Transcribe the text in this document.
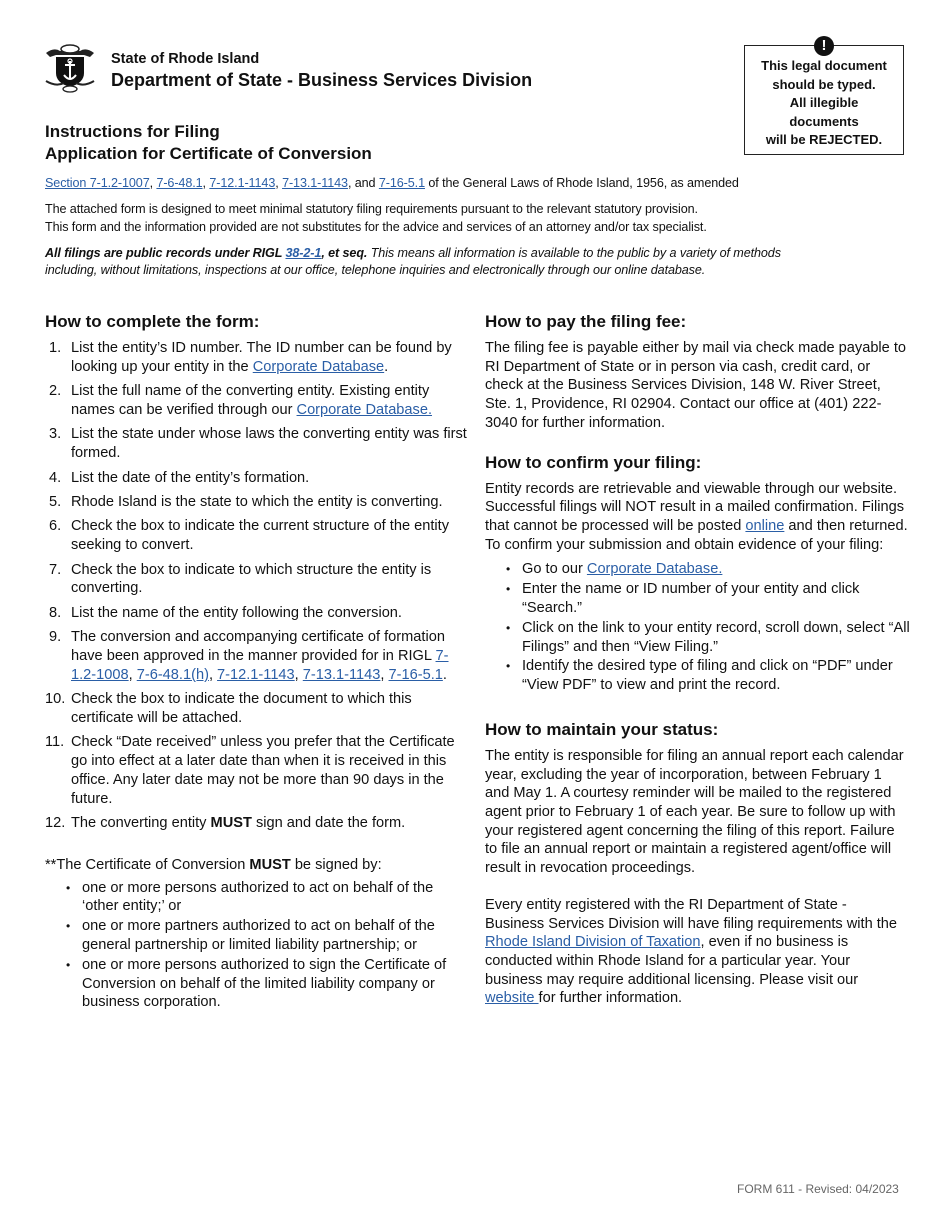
State of Rhode Island
Department of State - Business Services Division
!
This legal document
should be typed.
All illegible
documents
will be REJECTED.
Instructions for Filing
Application for Certificate of Conversion
Section 7-1.2-1007, 7-6-48.1, 7-12.1-1143, 7-13.1-1143, and 7-16-5.1 of the General Laws of Rhode Island, 1956, as amended
The attached form is designed to meet minimal statutory filing requirements pursuant to the relevant statutory provision.
This form and the information provided are not substitutes for the advice and services of an attorney and/or tax specialist.
All filings are public records under RIGL 38-2-1, et seq. This means all information is available to the public by a variety of methods including, without limitations, inspections at our office, telephone inquiries and electronically through our online database.
How to complete the form:
1. List the entity’s ID number. The ID number can be found by looking up your entity in the Corporate Database.
2. List the full name of the converting entity. Existing entity names can be verified through our Corporate Database.
3. List the state under whose laws the converting entity was first formed.
4. List the date of the entity’s formation.
5. Rhode Island is the state to which the entity is converting.
6. Check the box to indicate the current structure of the entity seeking to convert.
7. Check the box to indicate to which structure the entity is converting.
8. List the name of the entity following the conversion.
9. The conversion and accompanying certificate of formation have been approved in the manner provided for in RIGL 7-1.2-1008, 7-6-48.1(h), 7-12.1-1143, 7-13.1-1143, 7-16-5.1.
10. Check the box to indicate the document to which this certificate will be attached.
11. Check “Date received” unless you prefer that the Certificate go into effect at a later date than when it is received in this office. Any later date may not be more than 90 days in the future.
12. The converting entity MUST sign and date the form.
**The Certificate of Conversion MUST be signed by:
• one or more persons authorized to act on behalf of the ‘other entity;’ or
• one or more partners authorized to act on behalf of the general partnership or limited liability partnership; or
• one or more persons authorized to sign the Certificate of Conversion on behalf of the limited liability company or business corporation.
How to pay the filing fee:

The filing fee is payable either by mail via check made payable to RI Department of State or in person via cash, credit card, or check at the Business Services Division, 148 W. River Street, Ste. 1, Providence, RI 02904. Contact our office at (401) 222-3040 for further information.

How to confirm your filing:

Entity records are retrievable and viewable through our website. Successful filings will NOT result in a mailed confirmation. Filings that cannot be processed will be posted online and then returned. To confirm your submission and obtain evidence of your filing:

• Go to our Corporate Database.
• Enter the name or ID number of your entity and click “Search.”
• Click on the link to your entity record, scroll down, select “All Filings” and then “View Filing.”
• Identify the desired type of filing and click on “PDF” under “View PDF” to view and print the record.
How to maintain your status:

The entity is responsible for filing an annual report each calendar year, excluding the year of incorporation, between February 1 and May 1. A courtesy reminder will be mailed to the registered agent prior to February 1 of each year. Be sure to follow up with your registered agent concerning the filing of this report. Failure to file an annual report or maintain a registered agent/office will result in revocation proceedings.

Every entity registered with the RI Department of State - Business Services Division will have filing requirements with the Rhode Island Division of Taxation, even if no business is conducted within Rhode Island for a particular year. Your business may require additional licensing. Please visit our website for further information.

FORM 611 - Revised: 04/2023
